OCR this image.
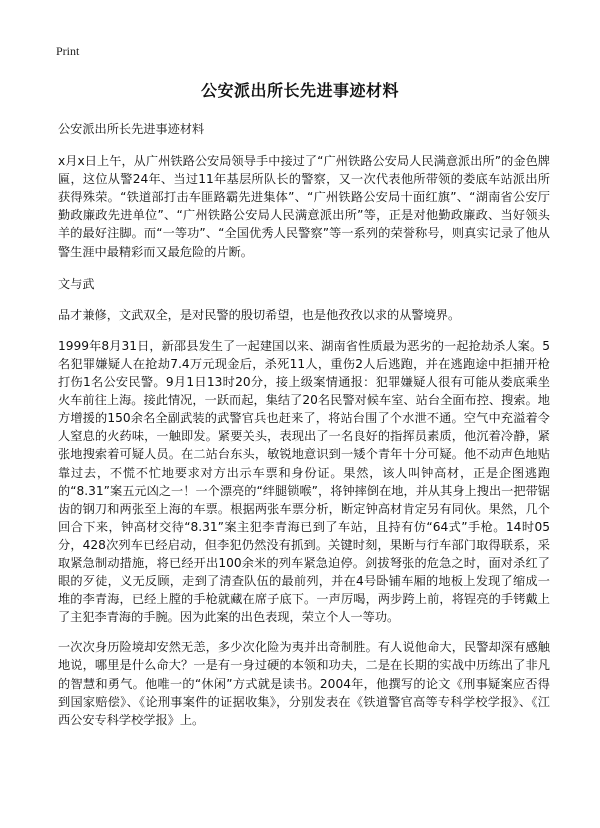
Print
公安派出所长先进事迹材料

公安派出所长先进事迹材料

x月x日上午，从广州铁路公安局领导手中接过了“广州铁路公安局人民满意派出所”的金色牌匾，这位从警24年、当过11年基层所队长的警察，又一次代表他所带领的娄底车站派出所获得殊荣。“铁道部打击车匪路霸先进集体”、“广州铁路公安局十面红旗”、“湖南省公安厅勤政廉政先进单位”、“广州铁路公安局人民满意派出所”等，正是对他勤政廉政、当好领头羊的最好注脚。而“一等功”、“全国优秀人民警察”等一系列的荣誉称号，则真实记录了他从警生涯中最精彩而又最危险的片断。

文与武

品才兼修，文武双全，是对民警的殷切希望，也是他孜孜以求的从警境界。

1999年8月31日，新邵县发生了一起建国以来、湖南省性质最为恶劣的一起抢劫杀人案。5名犯罪嫌疑人在抢劫7.4万元现金后，杀死11人，重伤2人后逃跑，并在逃跑途中拒捕开枪打伤1名公安民警。9月1日13时20分，接上级案情通报：犯罪嫌疑人很有可能从娄底乘坐火车前往上海。接此情况，一跃而起，集结了20名民警对候车室、站台全面布控、搜索。地方增援的150余名全副武装的武警官兵也赶来了，将站台围了个水泄不通。空气中充溢着令人窒息的火药味，一触即发。紧要关头，表现出了一名良好的指挥员素质，他沉着冷静，紧张地搜索着可疑人员。在二站台东头，敏锐地意识到一矮个青年十分可疑。他不动声色地贴靠过去，不慌不忙地要求对方出示车票和身份证。果然，该人叫钟高材，正是企图逃跑的“8.31”案五元凶之一！一个漂亮的“绊腿锁喉”，将钟摔倒在地，并从其身上搜出一把带锯齿的钢刀和两张至上海的车票。根据两张车票分析，断定钟高材肯定另有同伙。果然，几个回合下来，钟高材交待“8.31”案主犯李青海已到了车站，且持有仿“64式”手枪。14时05分，428次列车已经启动，但李犯仍然没有抓到。关键时刻，果断与行车部门取得联系，采取紧急制动措施，将已经开出100余米的列车紧急迫停。剑拔弩张的危急之时，面对杀红了眼的歹徒，义无反顾，走到了清查队伍的最前列，并在4号卧铺车厢的地板上发现了缩成一堆的李青海，已经上膛的手枪就藏在席子底下。一声厉喝，两步跨上前，将锃亮的手铐戴上了主犯李青海的手腕。因为此案的出色表现，荣立个人一等功。

一次次身历险境却安然无恙，多少次化险为夷并出奇制胜。有人说他命大，民警却深有感触地说，哪里是什么命大？一是有一身过硬的本领和功夫，二是在长期的实战中历练出了非凡的智慧和勇气。他唯一的“休闲”方式就是读书。2004年，他撰写的论文《刑事疑案应否得到国家赔偿》、《论刑事案件的证据收集》，分别发表在《铁道警官高等专科学校学报》、《江西公安专科学校学报》上。
